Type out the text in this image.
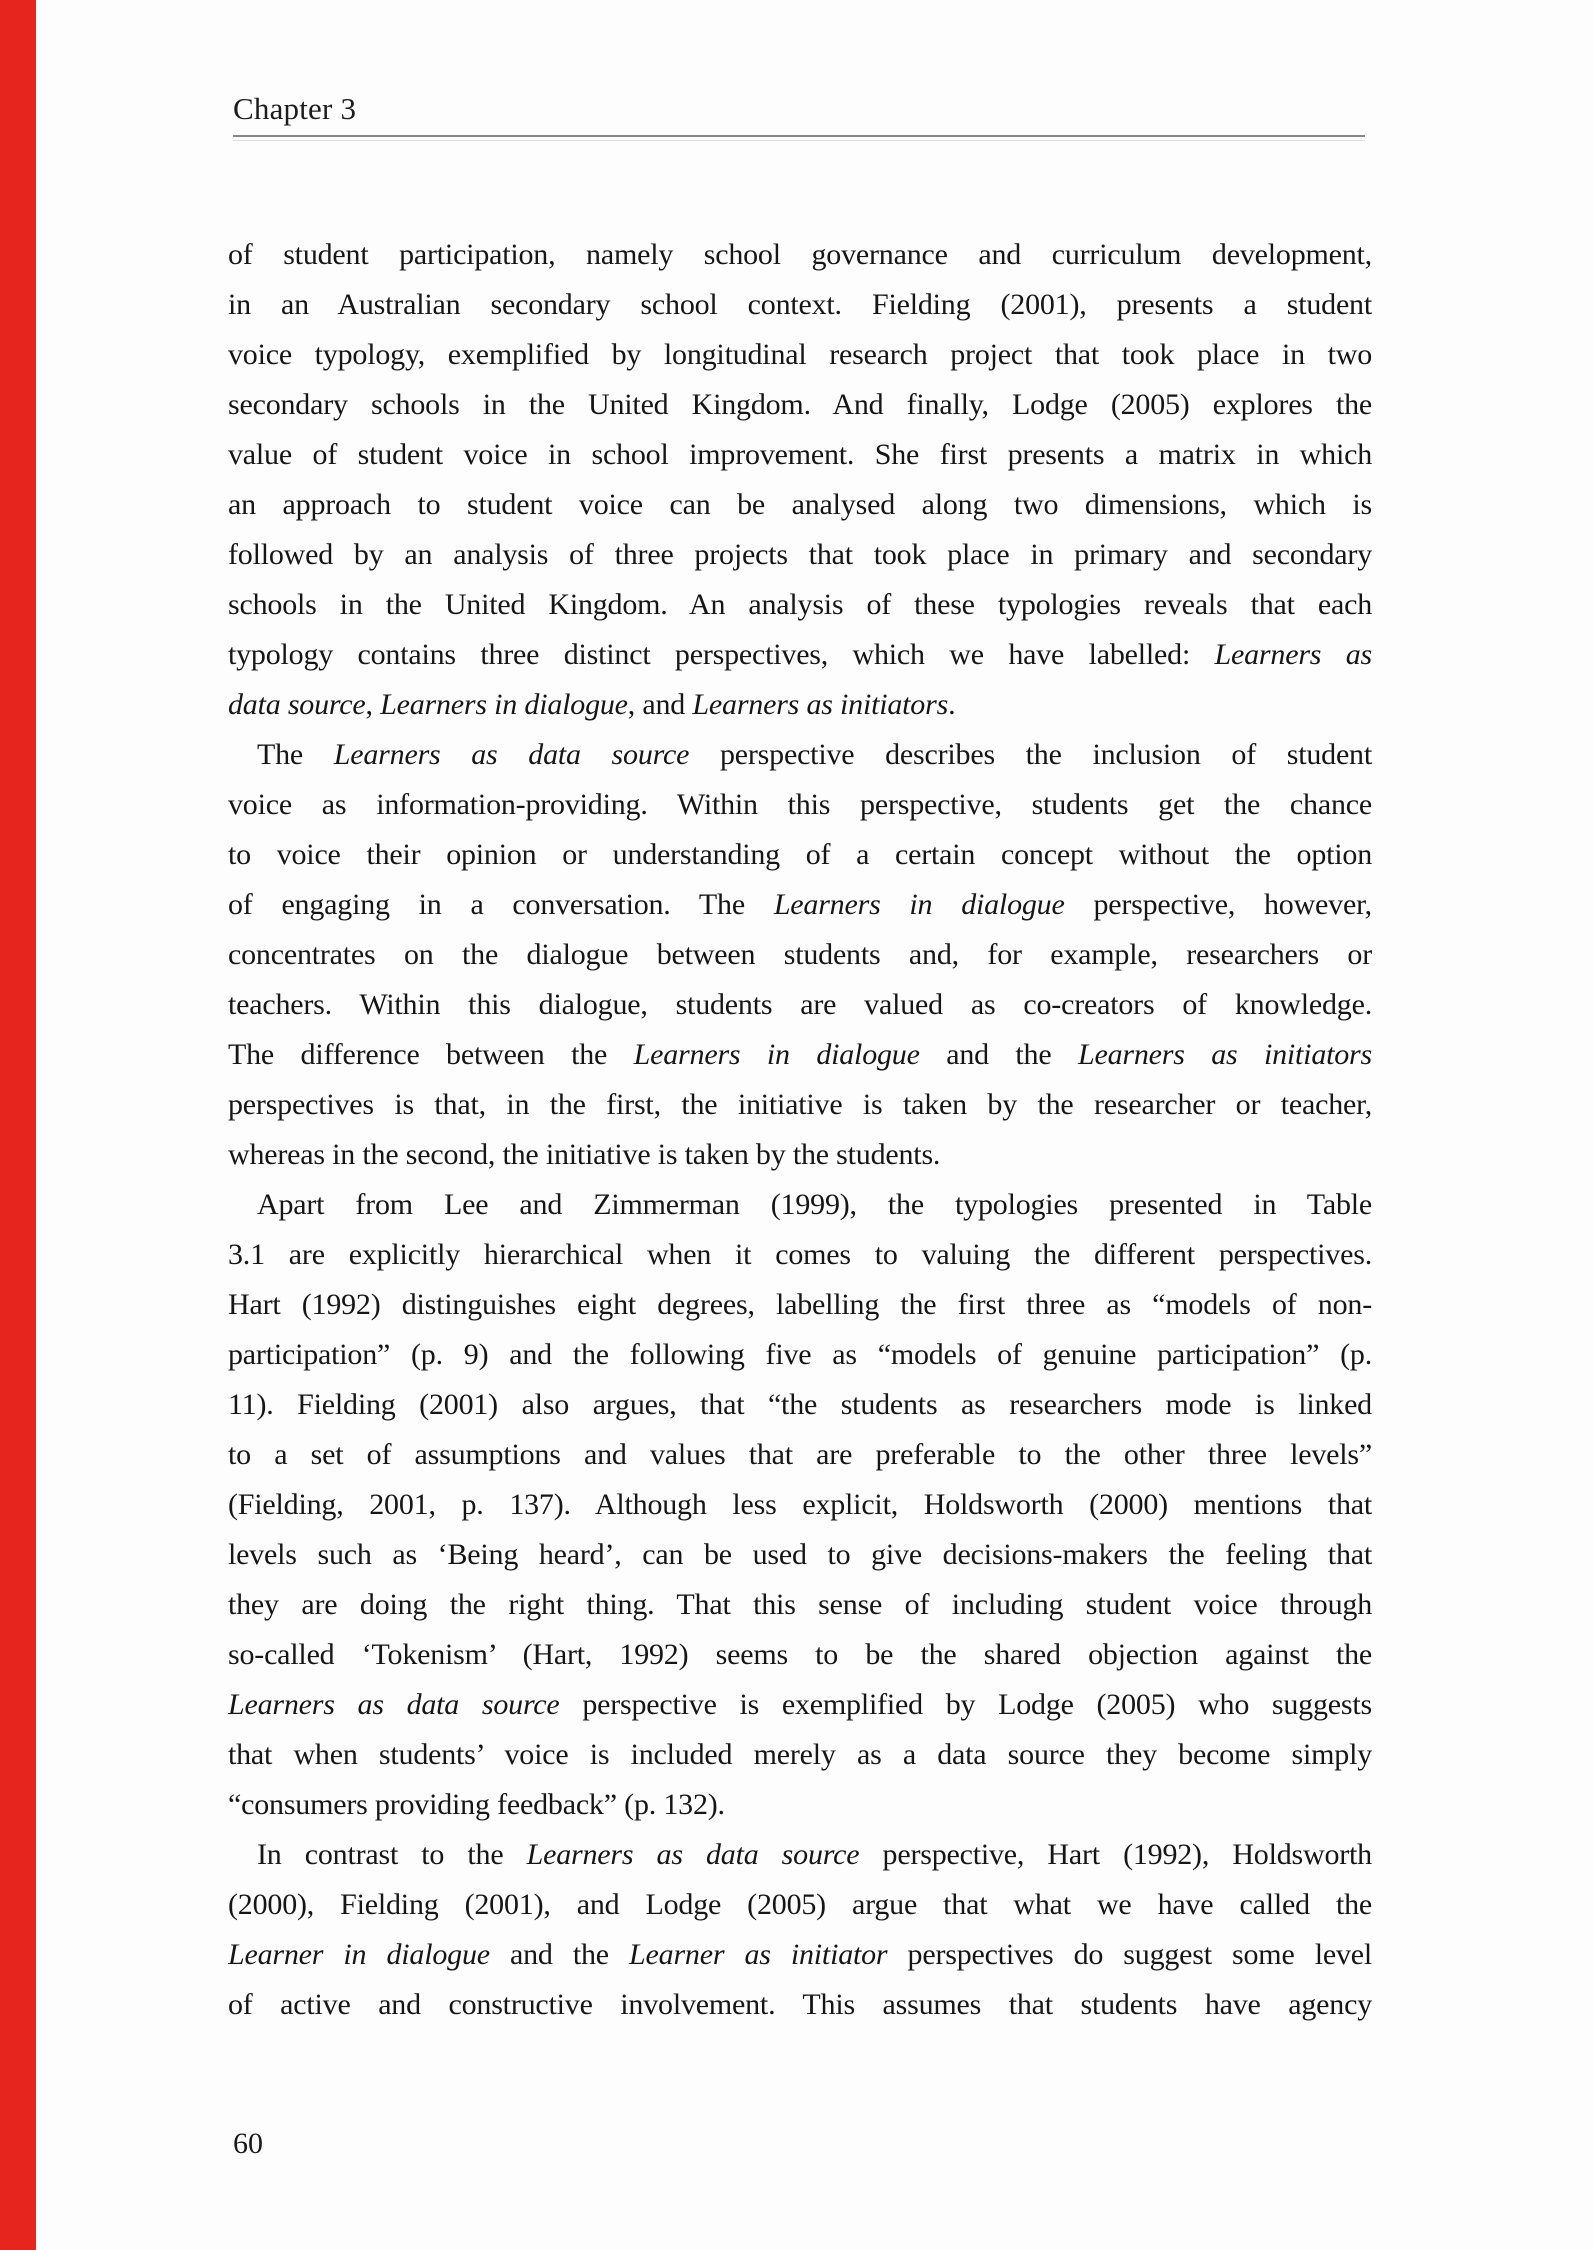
Chapter 3
of student participation, namely school governance and curriculum development,
in an Australian secondary school context. Fielding (2001), presents a student
voice typology, exemplified by longitudinal research project that took place in two
secondary schools in the United Kingdom. And finally, Lodge (2005) explores the
value of student voice in school improvement. She first presents a matrix in which
an approach to student voice can be analysed along two dimensions, which is
followed by an analysis of three projects that took place in primary and secondary
schools in the United Kingdom. An analysis of these typologies reveals that each
typology contains three distinct perspectives, which we have labelled: Learners as
data source, Learners in dialogue, and Learners as initiators.
The Learners as data source perspective describes the inclusion of student
voice as information-providing. Within this perspective, students get the chance
to voice their opinion or understanding of a certain concept without the option
of engaging in a conversation. The Learners in dialogue perspective, however,
concentrates on the dialogue between students and, for example, researchers or
teachers. Within this dialogue, students are valued as co-creators of knowledge.
The difference between the Learners in dialogue and the Learners as initiators
perspectives is that, in the first, the initiative is taken by the researcher or teacher,
whereas in the second, the initiative is taken by the students.
Apart from Lee and Zimmerman (1999), the typologies presented in Table
3.1 are explicitly hierarchical when it comes to valuing the different perspectives.
Hart (1992) distinguishes eight degrees, labelling the first three as “models of non-
participation” (p. 9) and the following five as “models of genuine participation” (p.
11). Fielding (2001) also argues, that “the students as researchers mode is linked
to a set of assumptions and values that are preferable to the other three levels”
(Fielding, 2001, p. 137). Although less explicit, Holdsworth (2000) mentions that
levels such as ‘Being heard’, can be used to give decisions-makers the feeling that
they are doing the right thing. That this sense of including student voice through
so-called ‘Tokenism’ (Hart, 1992) seems to be the shared objection against the
Learners as data source perspective is exemplified by Lodge (2005) who suggests
that when students’ voice is included merely as a data source they become simply
“consumers providing feedback” (p. 132).
In contrast to the Learners as data source perspective, Hart (1992), Holdsworth
(2000), Fielding (2001), and Lodge (2005) argue that what we have called the
Learner in dialogue and the Learner as initiator perspectives do suggest some level
of active and constructive involvement. This assumes that students have agency
60
